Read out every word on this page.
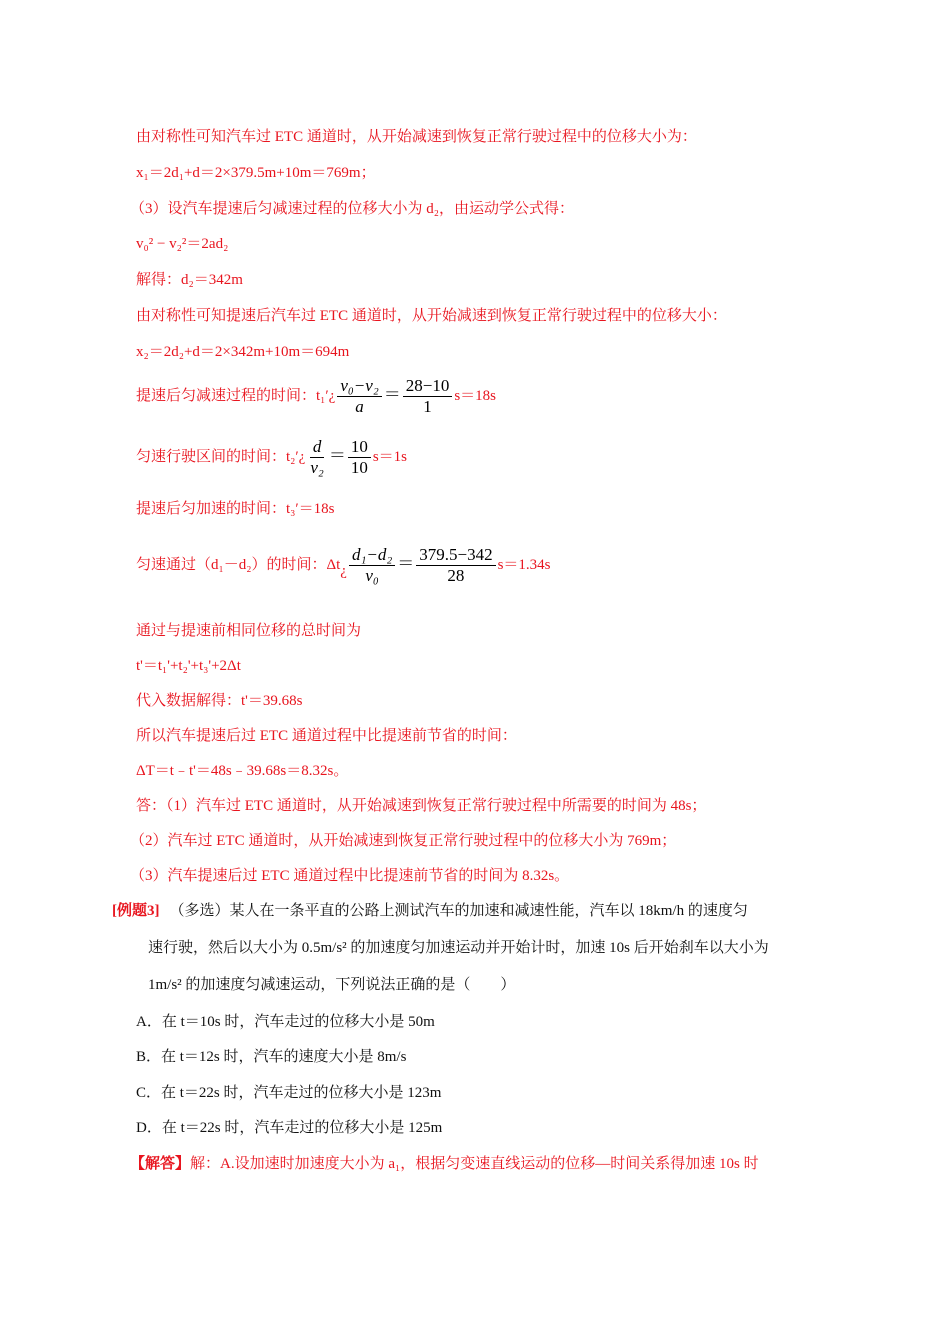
由对称性可知汽车过 ETC 通道时，从开始减速到恢复正常行驶过程中的位移大小为：
x₁＝2d₁+d＝2×379.5m+10m＝769m；
（3）设汽车提速后匀减速过程的位移大小为 d₂，由运动学公式得：
v₀² − v₂²＝2ad₂
解得：d₂＝342m
由对称性可知提速后汽车过 ETC 通道时，从开始减速到恢复正常行驶过程中的位移大小：
x₂＝2d₂+d＝2×342m+10m＝694m
提速后匀减速过程的时间：t₁′¿ $\frac{\text{v₀−v₂}}{a} = \frac{28-10}{1} s=18s$
匀速行驶区间的时间：t₂′¿ $\frac{d}{\text{v₂}} = \frac{10}{10} s=1s$
提速后匀加速的时间：t₃′＝18s
匀速通过（d₁－d₂）的时间：Δt¿ $\frac{\text{d₁−d₂}}{\text{v₀}} = \frac{379.5-342}{28} s=1.34s$
通过与提速前相同位移的总时间为
t'＝t₁'+t₂'+t₃'+2Δt
代入数据解得：t'＝39.68s
所以汽车提速后过 ETC 通道过程中比提速前节省的时间：
ΔT＝t﹣t'＝48s﹣39.68s＝8.32s。
答：（1）汽车过 ETC 通道时，从开始减速到恢复正常行驶过程中所需要的时间为 48s；
（2）汽车过 ETC 通道时，从开始减速到恢复正常行驶过程中的位移大小为 769m；
（3）汽车提速后过 ETC 通道过程中比提速前节省的时间为 8.32s。
[例题3] （多选）某人在一条平直的公路上测试汽车的加速和减速性能，汽车以 18km/h 的速度匀
速行驶，然后以大小为 0.5m/s² 的加速度匀加速运动并开始计时，加速 10s 后开始刹车以大小为
1m/s² 的加速度匀减速运动，下列说法正确的是（　　）
A．在 t＝10s 时，汽车走过的位移大小是 50m
B．在 t＝12s 时，汽车的速度大小是 8m/s
C．在 t＝22s 时，汽车走过的位移大小是 123m
D．在 t＝22s 时，汽车走过的位移大小是 125m
【解答】解：A.设加速时加速度大小为 a₁，根据匀变速直线运动的位移—时间关系得加速 10s 时
